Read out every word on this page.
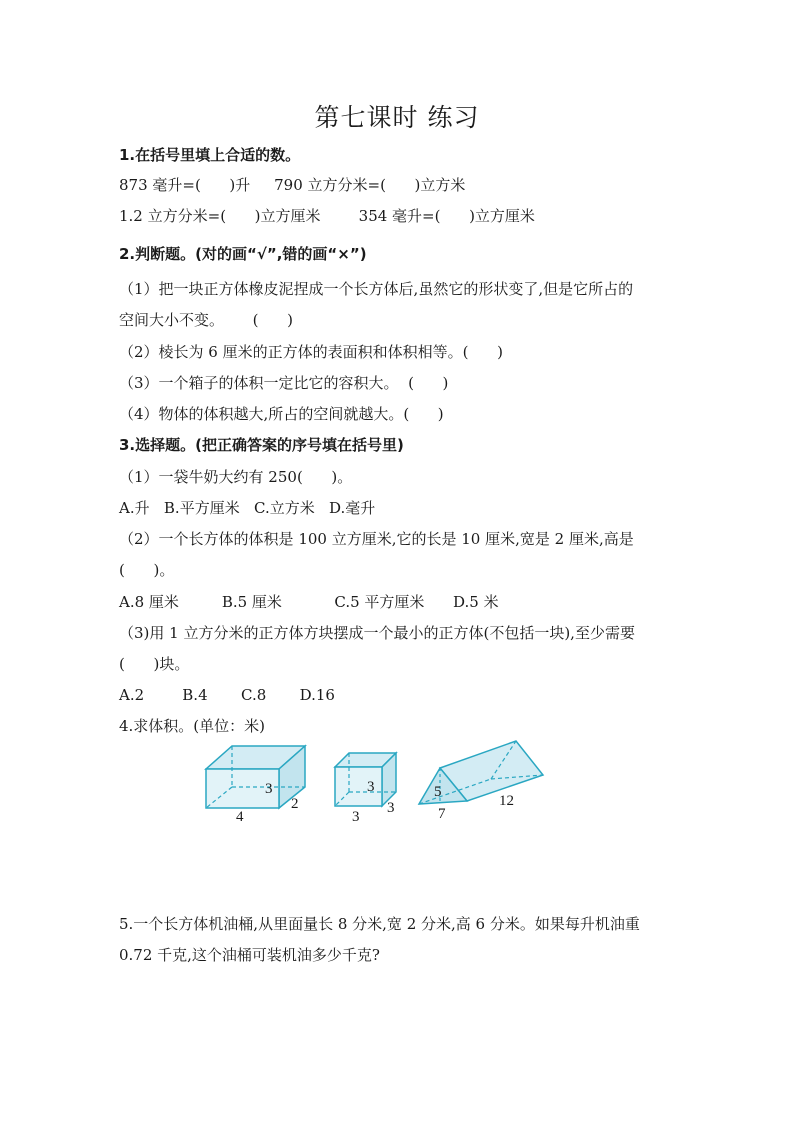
第七课时 练习
1.在括号里填上合适的数。
873 毫升=(      )升     790 立方分米=(      )立方米
1.2 立方分米=(      )立方厘米        354 毫升=(      )立方厘米
2.判断题。(对的画“√”,错的画“×”)
（1）把一块正方体橡皮泥捏成一个长方体后,虽然它的形状变了,但是它所占的
空间大小不变。      (      )
（2）棱长为 6 厘米的正方体的表面积和体积相等。(      )
（3）一个箱子的体积一定比它的容积大。  (      )
（4）物体的体积越大,所占的空间就越大。(      )
3.选择题。(把正确答案的序号填在括号里)
（1）一袋牛奶大约有 250(      )。
A.升   B.平方厘米   C.立方米   D.毫升
（2）一个长方体的体积是 100 立方厘米,它的长是 10 厘米,宽是 2 厘米,高是
(      )。
A.8 厘米         B.5 厘米           C.5 平方厘米      D.5 米
（3)用 1 立方分米的正方体方块摆成一个最小的正方体(不包括一块),至少需要
(      )块。
A.2        B.4       C.8       D.16
4.求体积。(单位：米)
3
2
4
3
3
3
5
7
12
5.一个长方体机油桶,从里面量长 8 分米,宽 2 分米,高 6 分米。如果每升机油重
0.72 千克,这个油桶可装机油多少千克?
